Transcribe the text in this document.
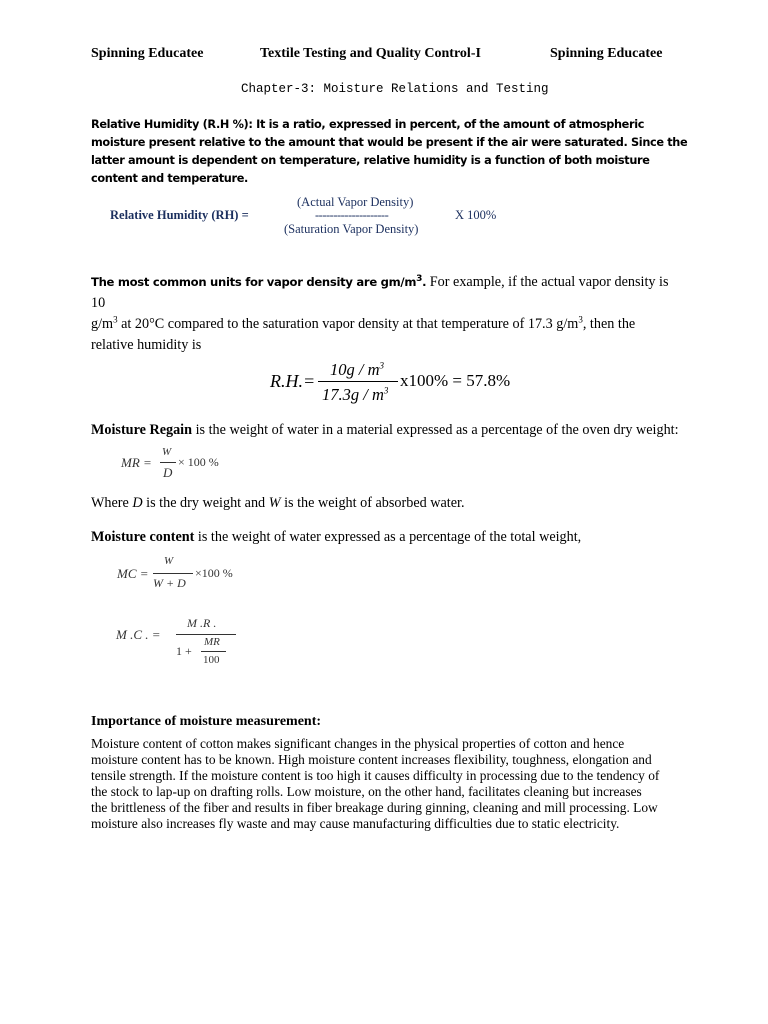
Spinning Educatee	Textile Testing and Quality Control-I	Spinning Educatee
Chapter-3: Moisture Relations and Testing
Relative Humidity (R.H %): It is a ratio, expressed in percent, of the amount of atmospheric moisture present relative to the amount that would be present if the air were saturated. Since the latter amount is dependent on temperature, relative humidity is a function of both moisture content and temperature.
(Actual Vapor Density)
Relative Humidity (RH) =	--------------------	X 100%
(Saturation Vapor Density)
The most common units for vapor density are $gm/m^3$. For example, if the actual vapor density is 10
$g/m^3$ at 20°C compared to the saturation vapor density at that temperature of 17.3 $g/m^3$, then the
relative humidity is
R.H.=
$10g / m^3$
$17.3g / m^3$
x100% = 57.8%
Moisture Regain is the weight of water in a material expressed as a percentage of the oven dry weight:
MR =
W
D
× 100 %
Where D is the dry weight and W is the weight of absorbed water.
Moisture content is the weight of water expressed as a percentage of the total weight,
MC =
W
W + D
×100 %
M .C . =
M .R .
1 +
MR
100
Importance of moisture measurement:
Moisture content of cotton makes significant changes in the physical properties of cotton and hence
moisture content has to be known. High moisture content increases flexibility, toughness, elongation and
tensile strength. If the moisture content is too high it causes difficulty in processing due to the tendency of
the stock to lap-up on drafting rolls. Low moisture, on the other hand, facilitates cleaning but increases
the brittleness of the fiber and results in fiber breakage during ginning, cleaning and mill processing. Low
moisture also increases fly waste and may cause manufacturing difficulties due to static electricity.
